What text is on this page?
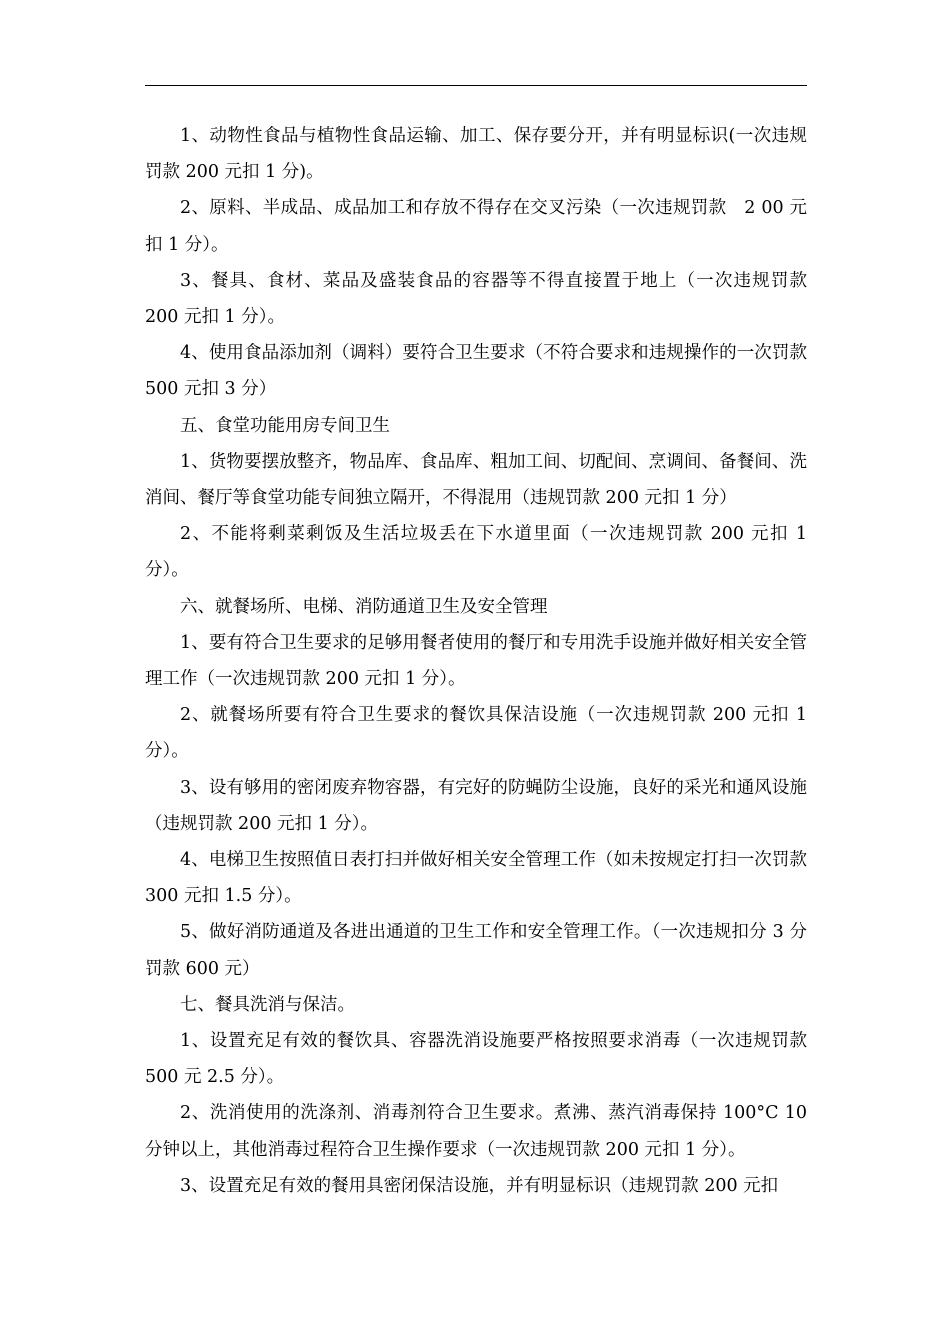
1、动物性食品与植物性食品运输、加工、保存要分开，并有明显标识(一次违规罚款 200 元扣 1 分)。

2、原料、半成品、成品加工和存放不得存在交叉污染（一次违规罚款　2 00 元扣 1 分）。

3、餐具、食材、菜品及盛装食品的容器等不得直接置于地上（一次违规罚款 200 元扣 1 分）。

4、使用食品添加剂（调料）要符合卫生要求（不符合要求和违规操作的一次罚款 500 元扣 3 分）

五、食堂功能用房专间卫生

1、货物要摆放整齐，物品库、食品库、粗加工间、切配间、烹调间、备餐间、洗消间、餐厅等食堂功能专间独立隔开，不得混用（违规罚款 200 元扣 1 分）

2、不能将剩菜剩饭及生活垃圾丢在下水道里面（一次违规罚款 200 元扣 1 分）。

六、就餐场所、电梯、消防通道卫生及安全管理

1、要有符合卫生要求的足够用餐者使用的餐厅和专用洗手设施并做好相关安全管理工作（一次违规罚款 200 元扣 1 分）。

2、就餐场所要有符合卫生要求的餐饮具保洁设施（一次违规罚款 200 元扣 1 分）。

3、设有够用的密闭废弃物容器，有完好的防蝇防尘设施，良好的采光和通风设施（违规罚款 200 元扣 1 分）。

4、电梯卫生按照值日表打扫并做好相关安全管理工作（如未按规定打扫一次罚款 300 元扣 1.5 分）。

5、做好消防通道及各进出通道的卫生工作和安全管理工作。（一次违规扣分 3 分罚款 600 元）

七、餐具洗消与保洁。

1、设置充足有效的餐饮具、容器洗消设施要严格按照要求消毒（一次违规罚款 500 元 2.5 分）。

2、洗消使用的洗涤剂、消毒剂符合卫生要求。煮沸、蒸汽消毒保持 100°C 10 分钟以上，其他消毒过程符合卫生操作要求（一次违规罚款 200 元扣 1 分）。

3、设置充足有效的餐用具密闭保洁设施，并有明显标识（违规罚款 200 元扣
